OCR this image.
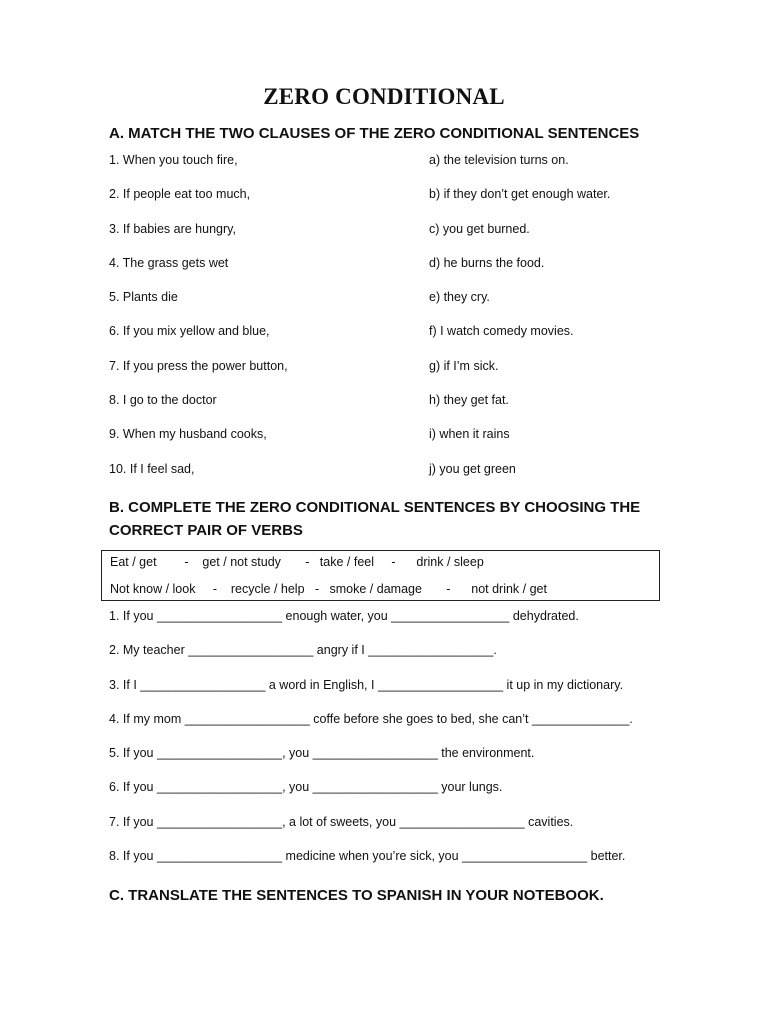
ZERO CONDITIONAL
A. MATCH THE TWO CLAUSES OF THE ZERO CONDITIONAL SENTENCES
1. When you touch fire,	a) the television turns on.
2. If people eat too much,	b) if they don’t get enough water.
3. If babies are hungry,	c) you get burned.
4. The grass gets wet	d) he burns the food.
5. Plants die	e) they cry.
6. If you mix yellow and blue,	f) I watch comedy movies.
7. If you press the power button,	g) if I’m sick.
8. I go to the doctor	h) they get fat.
9. When my husband cooks,	i) when it rains
10. If I feel sad,	j) you get green
B. COMPLETE THE ZERO CONDITIONAL SENTENCES BY CHOOSING THE CORRECT PAIR OF VERBS
Eat / get        -    get / not study       -   take / feel     -      drink / sleep
Not know / look     -    recycle / help   -   smoke / damage       -      not drink / get
1. If you __________________ enough water, you _________________ dehydrated.
2. My teacher __________________ angry if I __________________.
3. If I __________________ a word in English, I __________________ it up in my dictionary.
4. If my mom __________________ coffe before she goes to bed, she can’t ______________.
5. If you __________________, you __________________ the environment.
6. If you __________________, you __________________ your lungs.
7. If you __________________, a lot of sweets, you __________________ cavities.
8. If you __________________ medicine when you’re sick, you __________________ better.
C. TRANSLATE THE SENTENCES TO SPANISH IN YOUR NOTEBOOK.
